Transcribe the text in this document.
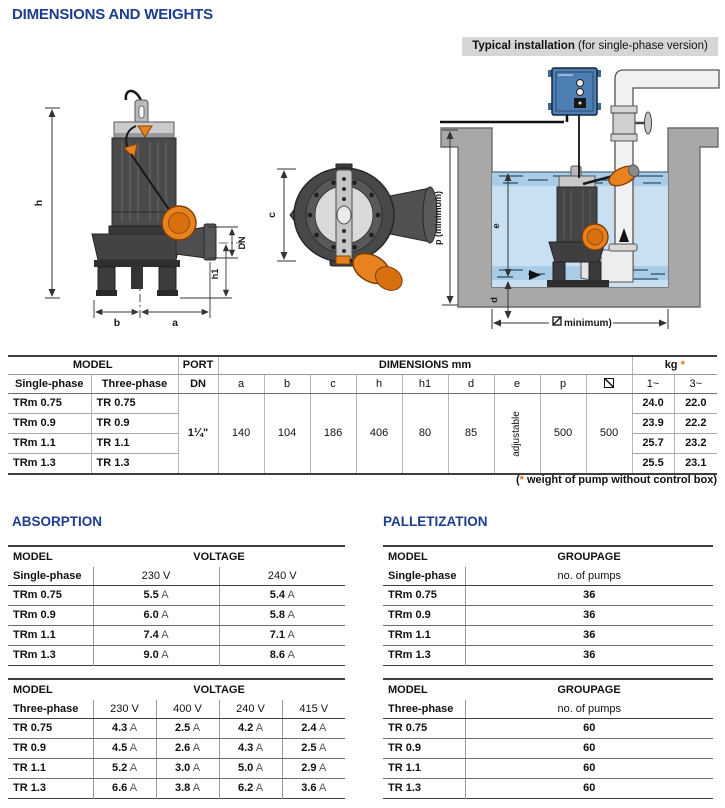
DIMENSIONS AND WEIGHTS
Typical installation (for single-phase version)
h
DN
h1
b	a
c	p (minimum)	e
d
minimum)
MODEL		PORT	DIMENSIONS mm									kg *	
Single-phase	Three-phase	DN	a	b	c	h	h1	d	e	p		1~	3~
TRm 0.75	TR 0.75	1¼"	140	104	186	406	80	85	adjustable	500	500	24.0	22.0
TRm 0.9	TR 0.9											23.9	22.2
TRm 1.1	TR 1.1											25.7	23.2
TRm 1.3	TR 1.3											25.5	23.1
(* weight of pump without control box)
ABSORPTION
MODEL	VOLTAGE	
Single-phase	230 V	240 V
TRm 0.75	5.5 A	5.4 A
TRm 0.9	6.0 A	5.8 A
TRm 1.1	7.4 A	7.1 A
TRm 1.3	9.0 A	8.6 A
MODEL	VOLTAGE			
Three-phase	230 V	400 V	240 V	415 V
TR 0.75	4.3 A	2.5 A	4.2 A	2.4 A
TR 0.9	4.5 A	2.6 A	4.3 A	2.5 A
TR 1.1	5.2 A	3.0 A	5.0 A	2.9 A
TR 1.3	6.6 A	3.8 A	6.2 A	3.6 A
PALLETIZATION
MODEL	GROUPAGE
Single-phase	no. of pumps
TRm 0.75	36
TRm 0.9	36
TRm 1.1	36
TRm 1.3	36
MODEL	GROUPAGE
Three-phase	no. of pumps
TR 0.75	60
TR 0.9	60
TR 1.1	60
TR 1.3	60
